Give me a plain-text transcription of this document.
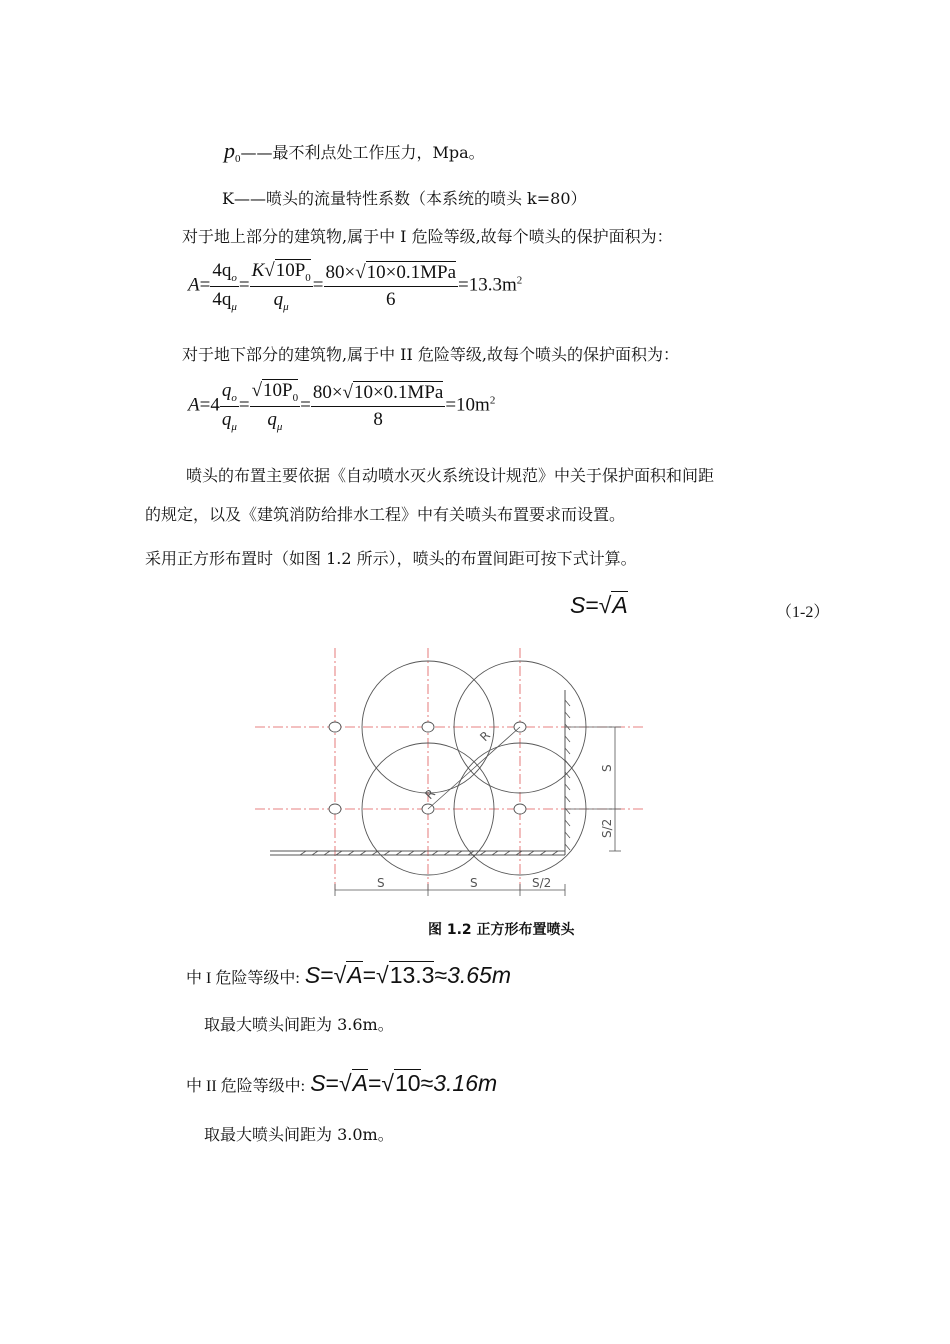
$p_0——$最不利点处工作压力，Mpa。
K——喷头的流量特性系数（本系统的喷头 k=80）
对于地上部分的建筑物,属于中 I 危险等级,故每个喷头的保护面积为：
$A= \frac{4q_o}{4q_\mu} = \frac{K√10P_0}{q_\mu} = \frac{\text{80×√10×0.1MPa}}{6} =13.3m^2$
对于地下部分的建筑物,属于中 II 危险等级,故每个喷头的保护面积为：
$A=4 \frac{q_o}{q_\mu} = \frac{√10P_0}{q_\mu} = \frac{\text{80×√10×0.1MPa}}{8} =10m^2$
喷头的布置主要依据《自动喷水灭火系统设计规范》中关于保护面积和间距
的规定，以及《建筑消防给排水工程》中有关喷头布置要求而设置。
采用正方形布置时（如图 1.2 所示），喷头的布置间距可按下式计算。
S=√A	（1-2）
R
R
S
S/2
S	S	S/2
图 1.2 正方形布置喷头
中 I 危险等级中: S=√A=√13.3≈3.65m
取最大喷头间距为 3.6m。
中 II 危险等级中: S=√A=√10≈3.16m
取最大喷头间距为 3.0m。
